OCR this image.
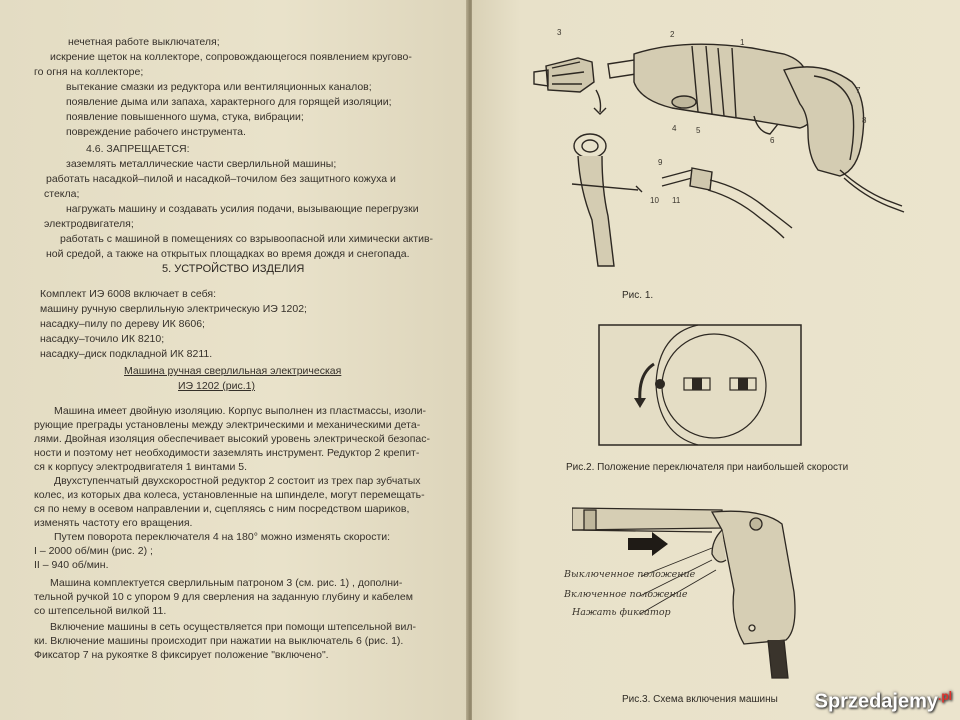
нечетная работе выключателя;
искрение щеток на коллекторе, сопровождающегося появлением кругово-
го огня на коллекторе;
вытекание смазки из редуктора или вентиляционных каналов;
появление дыма или запаха, характерного для горящей изоляции;
появление повышенного шума, стука, вибрации;
повреждение рабочего инструмента.
4.6. ЗАПРЕЩАЕТСЯ:
заземлять металлические части сверлильной машины;
работать насадкой–пилой и насадкой–точилом без защитного кожуха и
стекла;
нагружать машину и создавать усилия подачи, вызывающие перегрузки
электродвигателя;
работать с машиной в помещениях со взрывоопасной или химически актив-
ной средой, а также на открытых площадках во время дождя и снегопада.
5. УСТРОЙСТВО ИЗДЕЛИЯ
Комплект ИЭ 6008 включает в себя:
машину ручную сверлильную электрическую ИЭ 1202;
насадку–пилу по дереву ИК 8606;
насадку–точило ИК 8210;
насадку–диск подкладной ИК 8211.
Машина ручная сверлильная электрическая
ИЭ 1202 (рис.1)
Машина имеет двойную изоляцию. Корпус выполнен из пластмассы, изоли-
рующие преграды установлены между электрическими и механическими дета-
лями. Двойная изоляция обеспечивает высокий уровень электрической безопас-
ности и поэтому нет необходимости заземлять инструмент. Редуктор 2 крепит-
ся к корпусу электродвигателя 1 винтами 5.
Двухступенчатый двухскоростной редуктор 2 состоит из трех пар зубчатых
колес, из которых два колеса, установленные на шпинделе, могут перемещать-
ся по нему в осевом направлении и, сцепляясь с ним посредством шариков,
изменять частоту его вращения.
Путем поворота переключателя 4 на 180° можно изменять скорости:
I – 2000 об/мин (рис. 2) ;
II – 940 об/мин.
Машина комплектуется сверлильным патроном 3 (см. рис. 1) , дополни-
тельной ручкой 10 с упором 9 для сверления на заданную глубину и кабелем
со штепсельной вилкой 11.
Включение машины в сеть осуществляется при помощи штепсельной вил-
ки. Включение машины происходит при нажатии на выключатель 6 (рис. 1).
Фиксатор 7 на рукоятке 8 фиксирует положение "включено".
3	2
1
4 5
6
7
8
9
10 11
Рис. 1.
Рис.2. Положение переключателя при наибольшей скорости
Выключенное положение
Включенное положение
Нажать фиксатор
Рис.3. Схема включения машины Sprzedajemy$^{.pl}$
